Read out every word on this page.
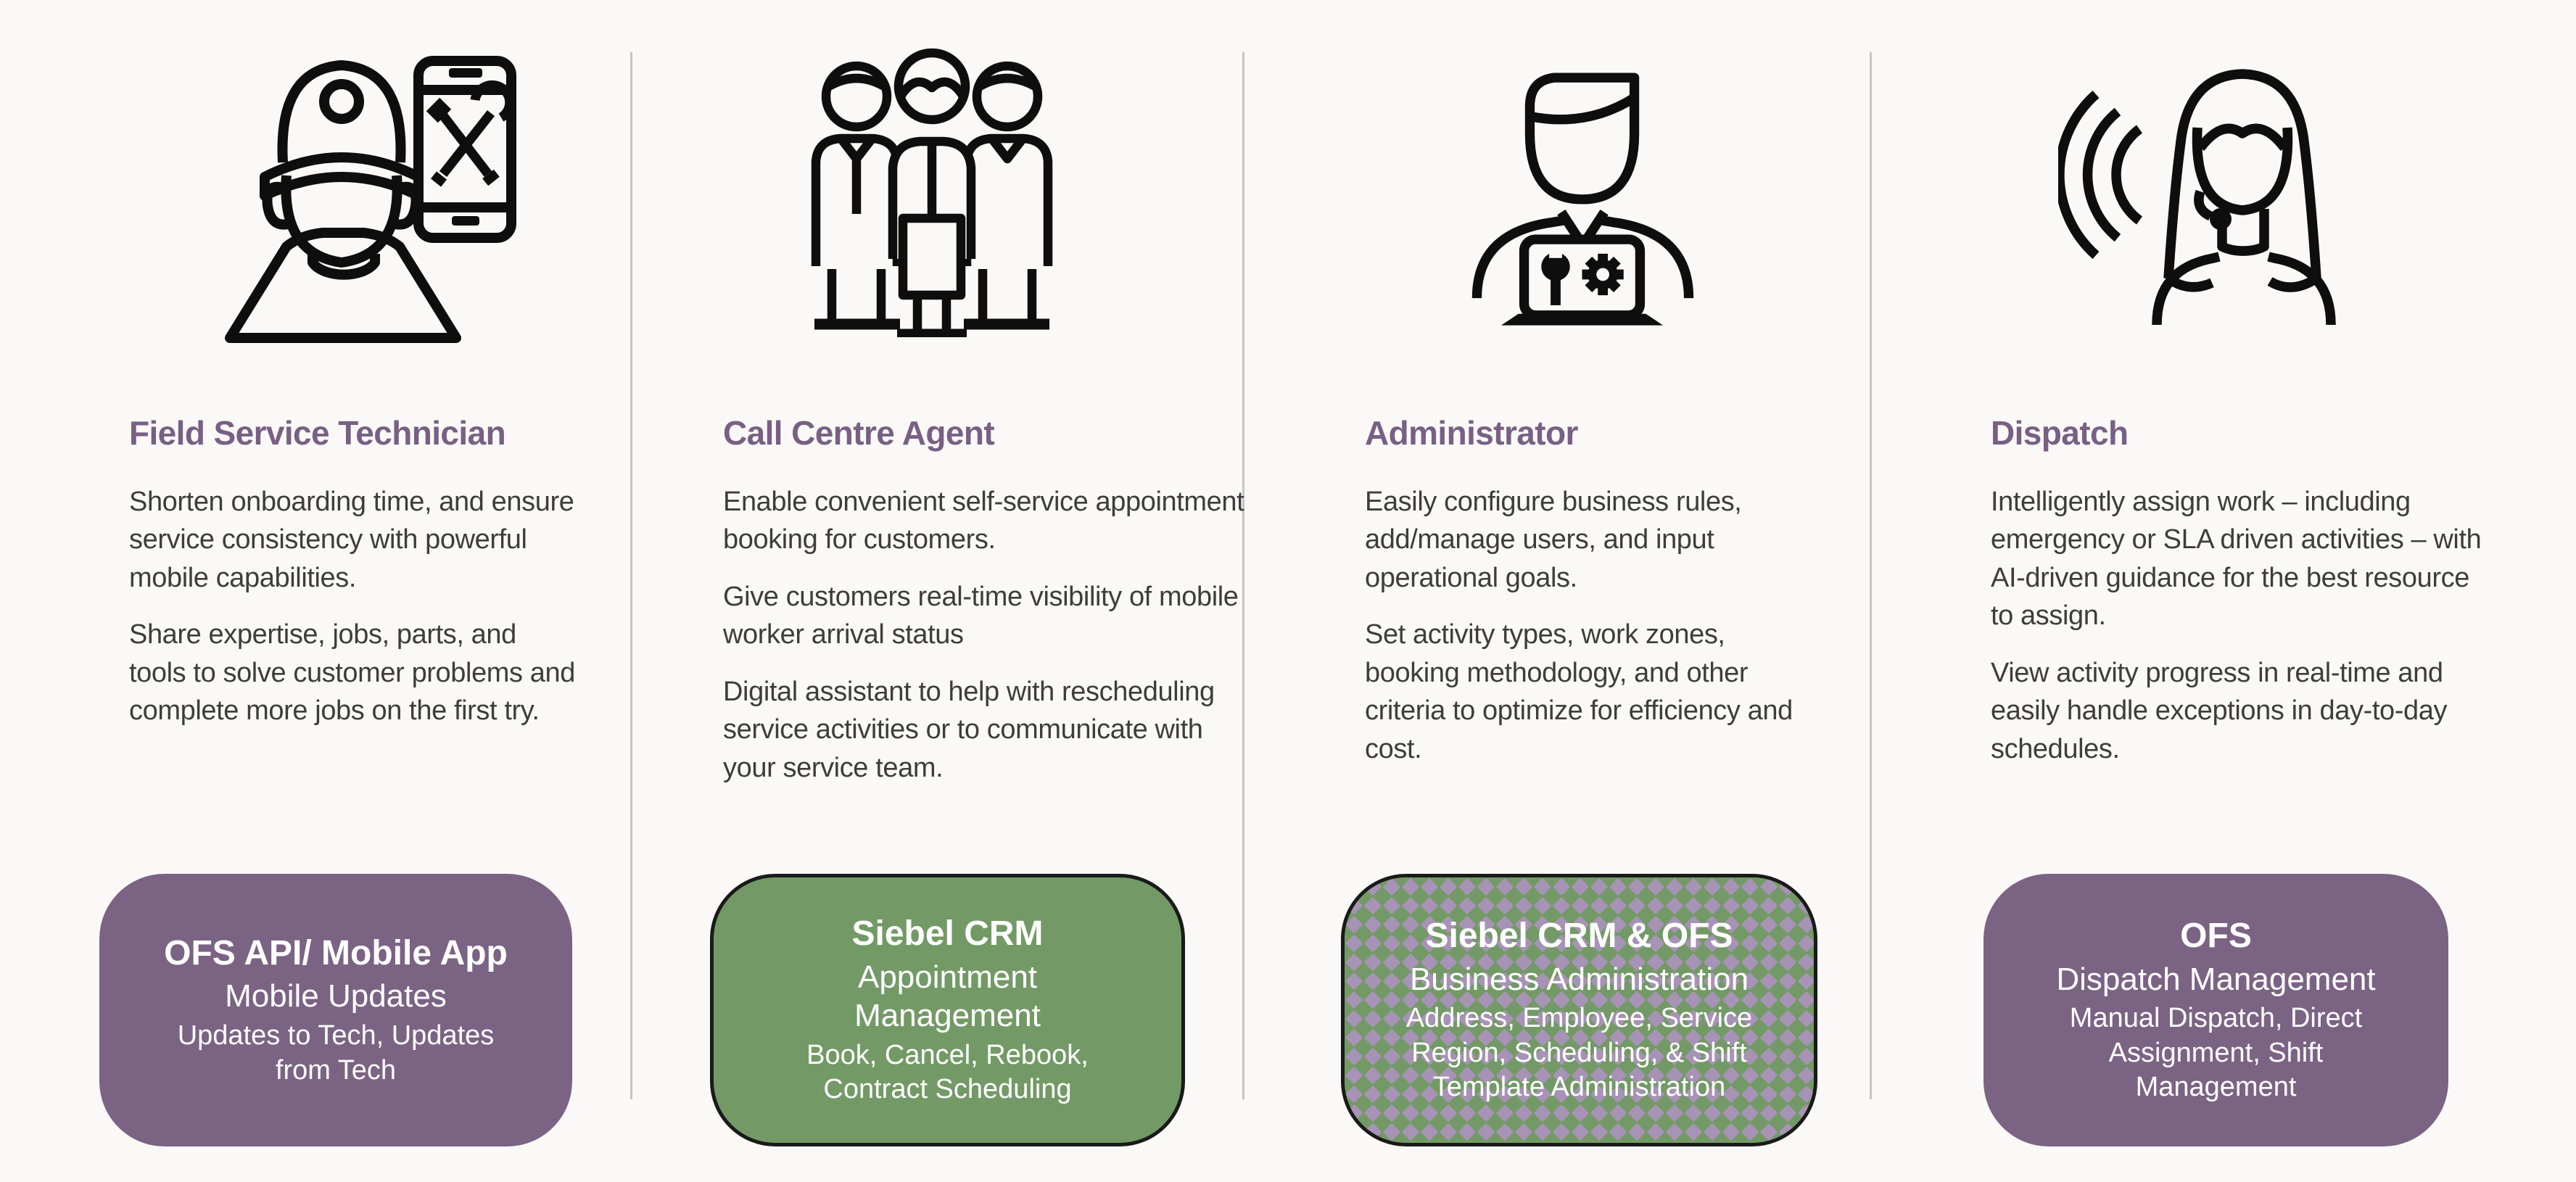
Field Service Technician

Shorten onboarding time, and ensure service consistency with powerful mobile capabilities.

Share expertise, jobs, parts, and tools to solve customer problems and complete more jobs on the first try.

OFS API/ Mobile App
Mobile Updates
Updates to Tech, Updates from Tech
Call Centre Agent

Enable convenient self-service appointment booking for customers.

Give customers real-time visibility of mobile worker arrival status

Digital assistant to help with rescheduling service activities or to communicate with your service team.

Siebel CRM
Appointment Management
Book, Cancel, Rebook, Contract Scheduling
Administrator

Easily configure business rules, add/manage users, and input operational goals.

Set activity types, work zones, booking methodology, and other criteria to optimize for efficiency and cost.

Siebel CRM & OFS
Business Administration
Address, Employee, Service Region, Scheduling, & Shift Template Administration
Dispatch

Intelligently assign work – including emergency or SLA driven activities – with AI-driven guidance for the best resource to assign.

View activity progress in real-time and easily handle exceptions in day-to-day schedules.

OFS
Dispatch Management
Manual Dispatch, Direct Assignment, Shift Management
